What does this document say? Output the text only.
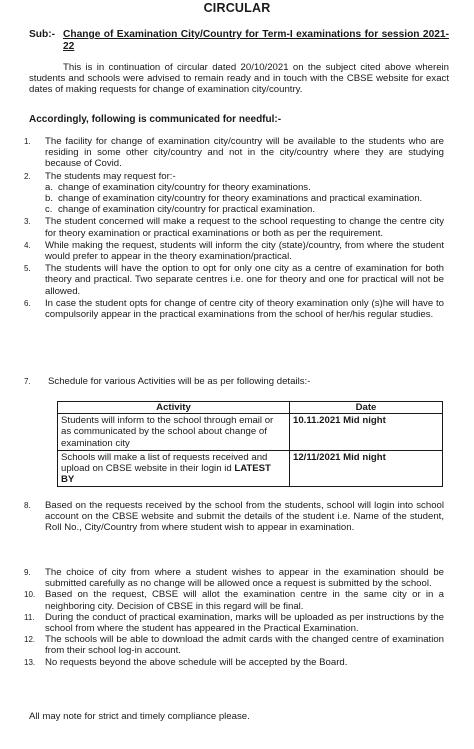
CIRCULAR
Sub:- Change of Examination City/Country for Term-I examinations for session 2021-22
This is in continuation of circular dated 20/10/2021 on the subject cited above wherein students and schools were advised to remain ready and in touch with the CBSE website for exact dates of making requests for change of examination city/country.
Accordingly, following is communicated for needful:-
1. The facility for change of examination city/country will be available to the students who are residing in some other city/country and not in the city/country where they are studying because of Covid.
2. The students may request for:-
a. change of examination city/country for theory examinations.
b. change of examination city/country for theory examinations and practical examination.
c. change of examination city/country for practical examination.
3. The student concerned will make a request to the school requesting to change the centre city for theory examination or practical examinations or both as per the requirement.
4. While making the request, students will inform the city (state)/country, from where the student would prefer to appear in the theory examination/practical.
5. The students will have the option to opt for only one city as a centre of examination for both theory and practical. Two separate centres i.e. one for theory and one for practical will not be allowed.
6. In case the student opts for change of centre city of theory examination only (s)he will have to compulsorily appear in the practical examinations from the school of her/his regular studies.
7.	Schedule for various Activities will be as per following details:-
Activity	Date
Students will inform to the school through email or as communicated by the school about change of examination city	10.11.2021 Mid night
Schools will make a list of requests received and upload on CBSE website in their login id LATEST BY	12/11/2021 Mid night
8. Based on the requests received by the school from the students, school will login into school account on the CBSE website and submit the details of the student i.e. Name of the student, Roll No., City/Country from where student wish to appear in examination.
9. The choice of city from where a student wishes to appear in the examination should be submitted carefully as no change will be allowed once a request is submitted by the school.
10. Based on the request, CBSE will allot the examination centre in the same city or in a neighboring city. Decision of CBSE in this regard will be final.
11. During the conduct of practical examination, marks will be uploaded as per instructions by the school from where the student has appeared in the Practical Examination.
12. The schools will be able to download the admit cards with the changed centre of examination from their school log-in account.
13. No requests beyond the above schedule will be accepted by the Board.
All may note for strict and timely compliance please.
